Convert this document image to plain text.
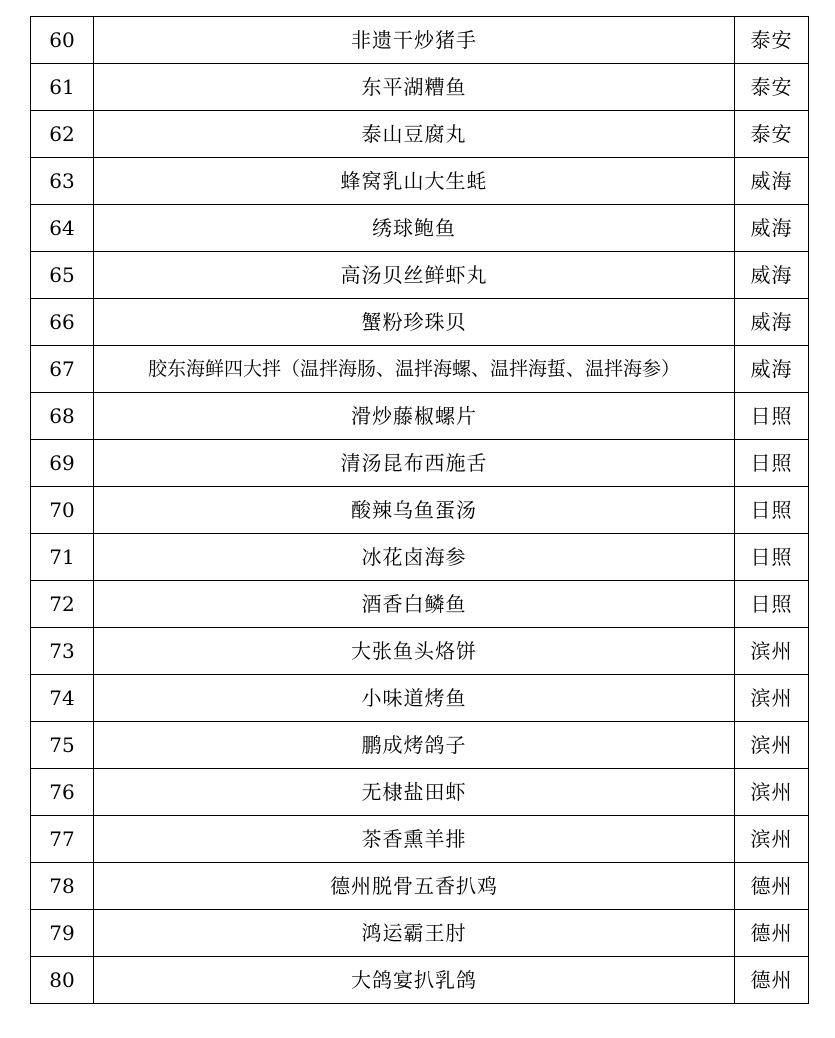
60	非遗干炒猪手	泰安
61	东平湖糟鱼	泰安
62	泰山豆腐丸	泰安
63	蜂窝乳山大生蚝	威海
64	绣球鲍鱼	威海
65	高汤贝丝鲜虾丸	威海
66	蟹粉珍珠贝	威海
67	胶东海鲜四大拌（温拌海肠、温拌海螺、温拌海蜇、温拌海参）	威海
68	滑炒藤椒螺片	日照
69	清汤昆布西施舌	日照
70	酸辣乌鱼蛋汤	日照
71	冰花卤海参	日照
72	酒香白鳞鱼	日照
73	大张鱼头烙饼	滨州
74	小味道烤鱼	滨州
75	鹏成烤鸽子	滨州
76	无棣盐田虾	滨州
77	茶香熏羊排	滨州
78	德州脱骨五香扒鸡	德州
79	鸿运霸王肘	德州
80	大鸽宴扒乳鸽	德州
